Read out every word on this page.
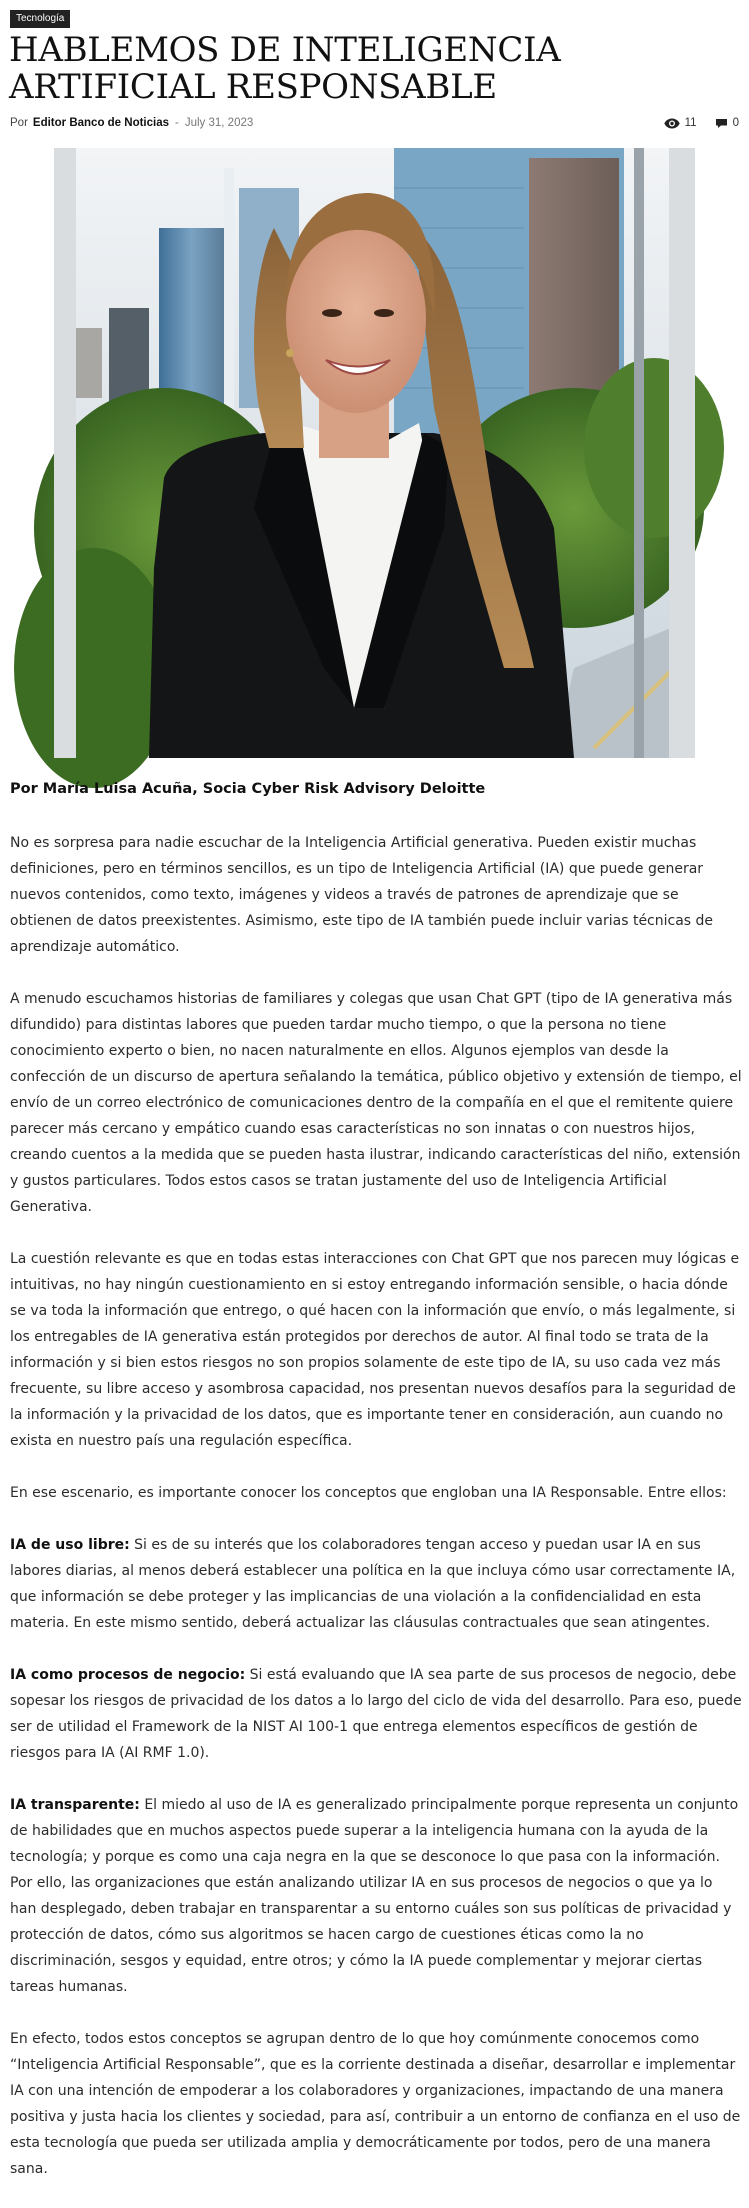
Tecnología
HABLEMOS DE INTELIGENCIA ARTIFICIAL RESPONSABLE
Por Editor Banco de Noticias - July 31, 2023	11	0
Por María Luisa Acuña, Socia Cyber Risk Advisory Deloitte

No es sorpresa para nadie escuchar de la Inteligencia Artificial generativa. Pueden existir muchas definiciones, pero en términos sencillos, es un tipo de Inteligencia Artificial (IA) que puede generar nuevos contenidos, como texto, imágenes y videos a través de patrones de aprendizaje que se obtienen de datos preexistentes. Asimismo, este tipo de IA también puede incluir varias técnicas de aprendizaje automático.

A menudo escuchamos historias de familiares y colegas que usan Chat GPT (tipo de IA generativa más difundido) para distintas labores que pueden tardar mucho tiempo, o que la persona no tiene conocimiento experto o bien, no nacen naturalmente en ellos. Algunos ejemplos van desde la confección de un discurso de apertura señalando la temática, público objetivo y extensión de tiempo, el envío de un correo electrónico de comunicaciones dentro de la compañía en el que el remitente quiere parecer más cercano y empático cuando esas características no son innatas o con nuestros hijos, creando cuentos a la medida que se pueden hasta ilustrar, indicando características del niño, extensión y gustos particulares. Todos estos casos se tratan justamente del uso de Inteligencia Artificial Generativa.

La cuestión relevante es que en todas estas interacciones con Chat GPT que nos parecen muy lógicas e intuitivas, no hay ningún cuestionamiento en si estoy entregando información sensible, o hacia dónde se va toda la información que entrego, o qué hacen con la información que envío, o más legalmente, si los entregables de IA generativa están protegidos por derechos de autor. Al final todo se trata de la información y si bien estos riesgos no son propios solamente de este tipo de IA, su uso cada vez más frecuente, su libre acceso y asombrosa capacidad, nos presentan nuevos desafíos para la seguridad de la información y la privacidad de los datos, que es importante tener en consideración, aun cuando no exista en nuestro país una regulación específica.

En ese escenario, es importante conocer los conceptos que engloban una IA Responsable. Entre ellos:

IA de uso libre: Si es de su interés que los colaboradores tengan acceso y puedan usar IA en sus labores diarias, al menos deberá establecer una política en la que incluya cómo usar correctamente IA, que información se debe proteger y las implicancias de una violación a la confidencialidad en esta materia. En este mismo sentido, deberá actualizar las cláusulas contractuales que sean atingentes.

IA como procesos de negocio: Si está evaluando que IA sea parte de sus procesos de negocio, debe sopesar los riesgos de privacidad de los datos a lo largo del ciclo de vida del desarrollo. Para eso, puede ser de utilidad el Framework de la NIST AI 100-1 que entrega elementos específicos de gestión de riesgos para IA (AI RMF 1.0).

IA transparente: El miedo al uso de IA es generalizado principalmente porque representa un conjunto de habilidades que en muchos aspectos puede superar a la inteligencia humana con la ayuda de la tecnología; y porque es como una caja negra en la que se desconoce lo que pasa con la información. Por ello, las organizaciones que están analizando utilizar IA en sus procesos de negocios o que ya lo han desplegado, deben trabajar en transparentar a su entorno cuáles son sus políticas de privacidad y protección de datos, cómo sus algoritmos se hacen cargo de cuestiones éticas como la no discriminación, sesgos y equidad, entre otros; y cómo la IA puede complementar y mejorar ciertas tareas humanas.

En efecto, todos estos conceptos se agrupan dentro de lo que hoy comúnmente conocemos como “Inteligencia Artificial Responsable”, que es la corriente destinada a diseñar, desarrollar e implementar IA con una intención de empoderar a los colaboradores y organizaciones, impactando de una manera positiva y justa hacia los clientes y sociedad, para así, contribuir a un entorno de confianza en el uso de esta tecnología que pueda ser utilizada amplia y democráticamente por todos, pero de una manera sana.
